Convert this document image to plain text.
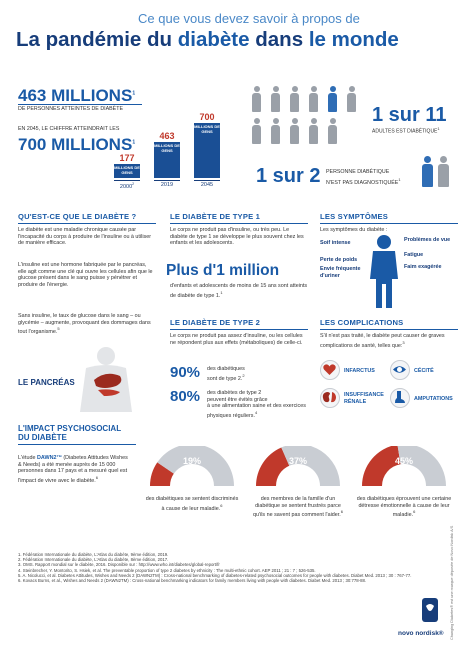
Ce que vous devez savoir à propos de
La pandémie du diabète dans le monde
463 MILLIONS$^1$
DE PERSONNES ATTEINTES DE DIABÈTE
EN 2045, LE CHIFFRE ATTEINDRAIT LES
700 MILLIONS$^1$
MILLIONS DE GENS
177
2000$^2$
MILLIONS DE GENS
463
2019
MILLIONS DE GENS
700
2045
1 sur 11
ADULTES EST DIABÉTIQUE$^1$
1 sur 2 PERSONNE DIABÉTIQUE
N'EST PAS DIAGNOSTIQUÉE$^1$
QU'EST-CE QUE LE DIABÈTE ?
Le diabète est une maladie chronique causée par l'incapacité du corps à produire de l'insuline ou à utiliser de manière efficace.
L'insuline est une hormone fabriquée par le pancréas, elle agit comme une clé qui ouvre les cellules afin que le glucose présent dans le sang puisse y pénétrer et produire de l'énergie.
Sans insuline, le taux de glucose dans le sang – ou glycémie – augmente, provoquant des dommages dans tout l'organisme.$^5$
LE PANCRÉAS
LE DIABÈTE DE TYPE 1
Le corps ne produit pas d'insuline, ou très peu. Le diabète de type 1 se développe le plus souvent chez les enfants et les adolescents.
Plus d'1 million
d'enfants et adolescents de moins de 15 ans sont atteints de diabète de type 1.$^1$
LE DIABÈTE DE TYPE 2
Le corps ne produit pas assez d'insuline, ou les cellules ne répondent plus aux effets (métaboliques) de celle-ci.
90% des diabétiques
sont de type 2.$^2$
80% des diabètes de type 2
peuvent être évités grâce
à une alimentation saine et des exercices
physiques réguliers.$^4$
LES SYMPTÔMES
Les symptômes du diabète :
Soif intense	Problèmes de vue
Fatigue
Perte de poids
Faim exagérée
Envie fréquente d'uriner
LES COMPLICATIONS
S'il n'est pas traité, le diabète peut causer de graves complications de santé, telles que:$^3$
INFARCTUS	CÉCITÉ
INSUFFISANCE RÉNALE	AMPUTATIONS
L'IMPACT PSYCHOSOCIAL
DU DIABÈTE
L'étude DAWN2™ (Diabetes Attitudes Wishes & Needs) a été menée auprès de 15 000 personnes dans 17 pays et a mesuré quel est l'impact de vivre avec le diabète.$^6$
19%
des diabétiques se sentent discriminés à cause de leur maladie.$^6$
37%
des membres de la famille d'un diabétique se sentent frustrés parce qu'ils ne savent pas comment l'aider.$^6$
45%
des diabétiques éprouvent une certaine détresse émotionnelle à cause de leur maladie.$^6$
1. Fédération Internationale du diabète, L'Atlas du diabète, 9ème édition, 2019.
2. Fédération Internationale du diabète, L'Atlas du diabète, 8ème édition, 2017.
3. OMS. Rapport mondial sur le diabète, 2016. Disponible sur : http://www.who.int/diabetes/global-report/fr
4. Steinbrecher, Y. Montorito, S. Hsiek, et al. The preventable proportion of type 2 diabetes by ethnicity : The multi-ethnic cohort. AEP 2011 ; 21 : 7 ; 526-535.
5. A. Nicolucci, et al. Diabetes Attitudes, Wishes and Needs 2 (DAWN2TM) : Cross-national benchmarking of diabetes-related psychosocial outcomes for people with diabetes. Diabet Med. 2013 ; 30 : 767-77.
6. Kovacs Burns, et al., Wishes and Needs 2 (DAWN2TM) : Cross-national benchmarking indicators for family members living with people with diabetes. Diabet Med. 2013 ; 30:778-88.	Changing Diabetes® est une marque déposée de Novo Nordisk A/S
novo nordisk®
